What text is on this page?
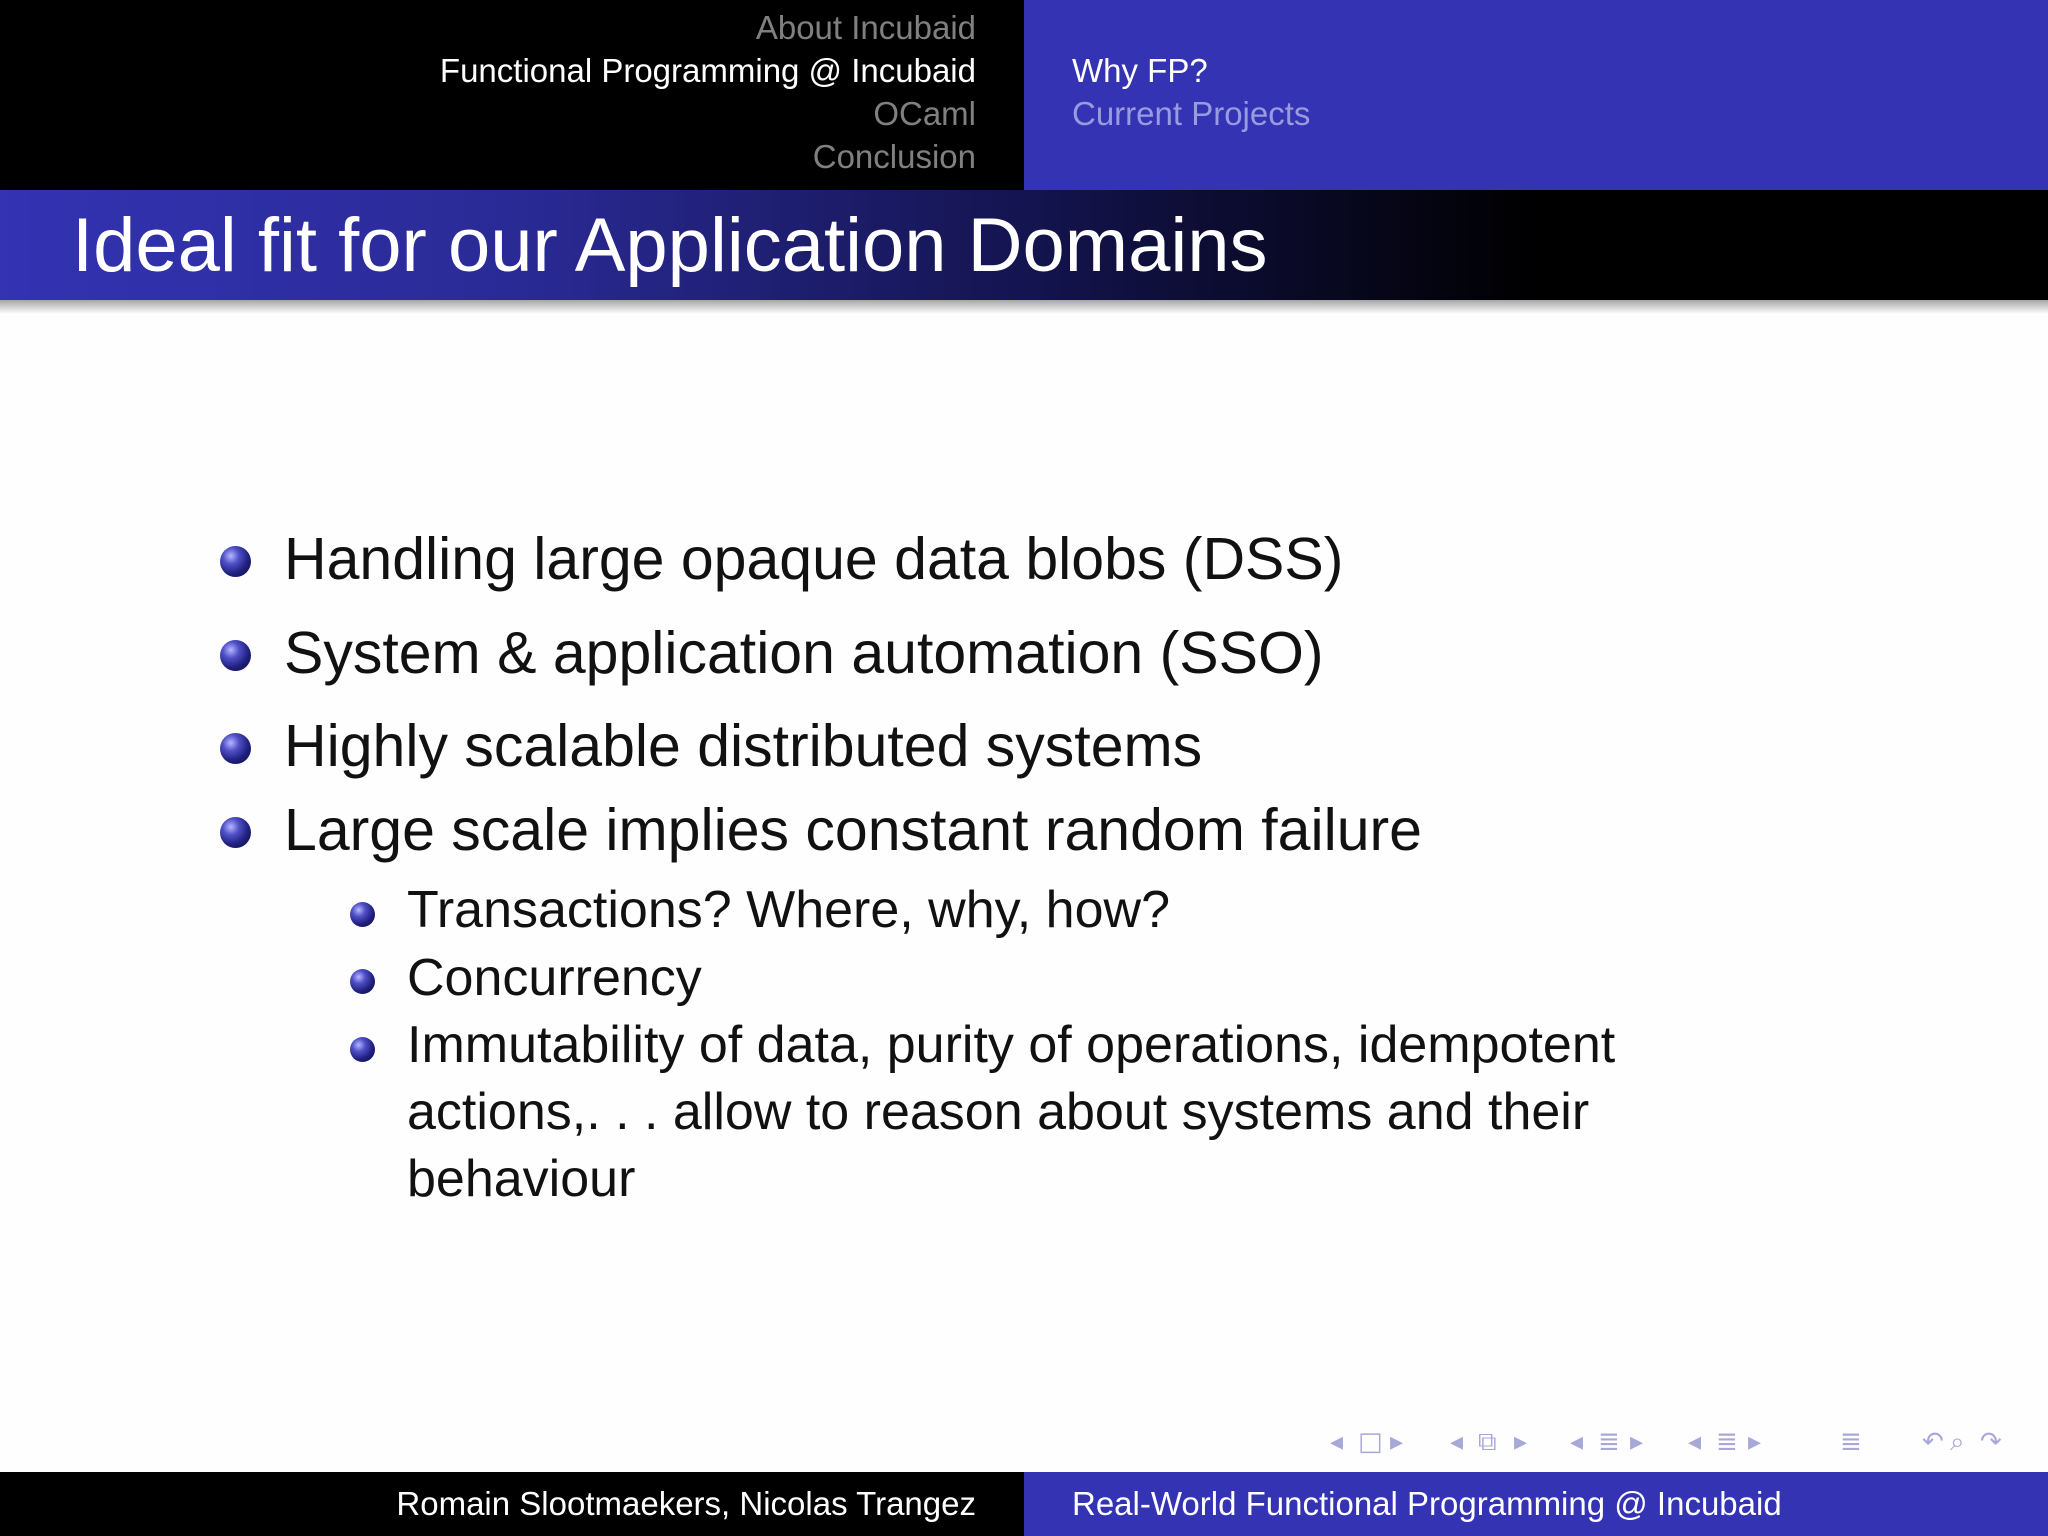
About Incubaid
Functional Programming @ Incubaid
OCaml
Conclusion
Why FP?
Current Projects
Ideal fit for our Application Domains
Handling large opaque data blobs (DSS)
System & application automation (SSO)
Highly scalable distributed systems
Large scale implies constant random failure
Transactions? Where, why, how?
Concurrency
Immutability of data, purity of operations, idempotent
actions,. . . allow to reason about systems and their
behaviour
◂ □ ▸ ◂ ⧉ ▸ ◂ ≣ ▸ ◂ ≣ ▸	≣ ↶ ⌕ ↷
Romain Slootmaekers, Nicolas Trangez	Real-World Functional Programming @ Incubaid
